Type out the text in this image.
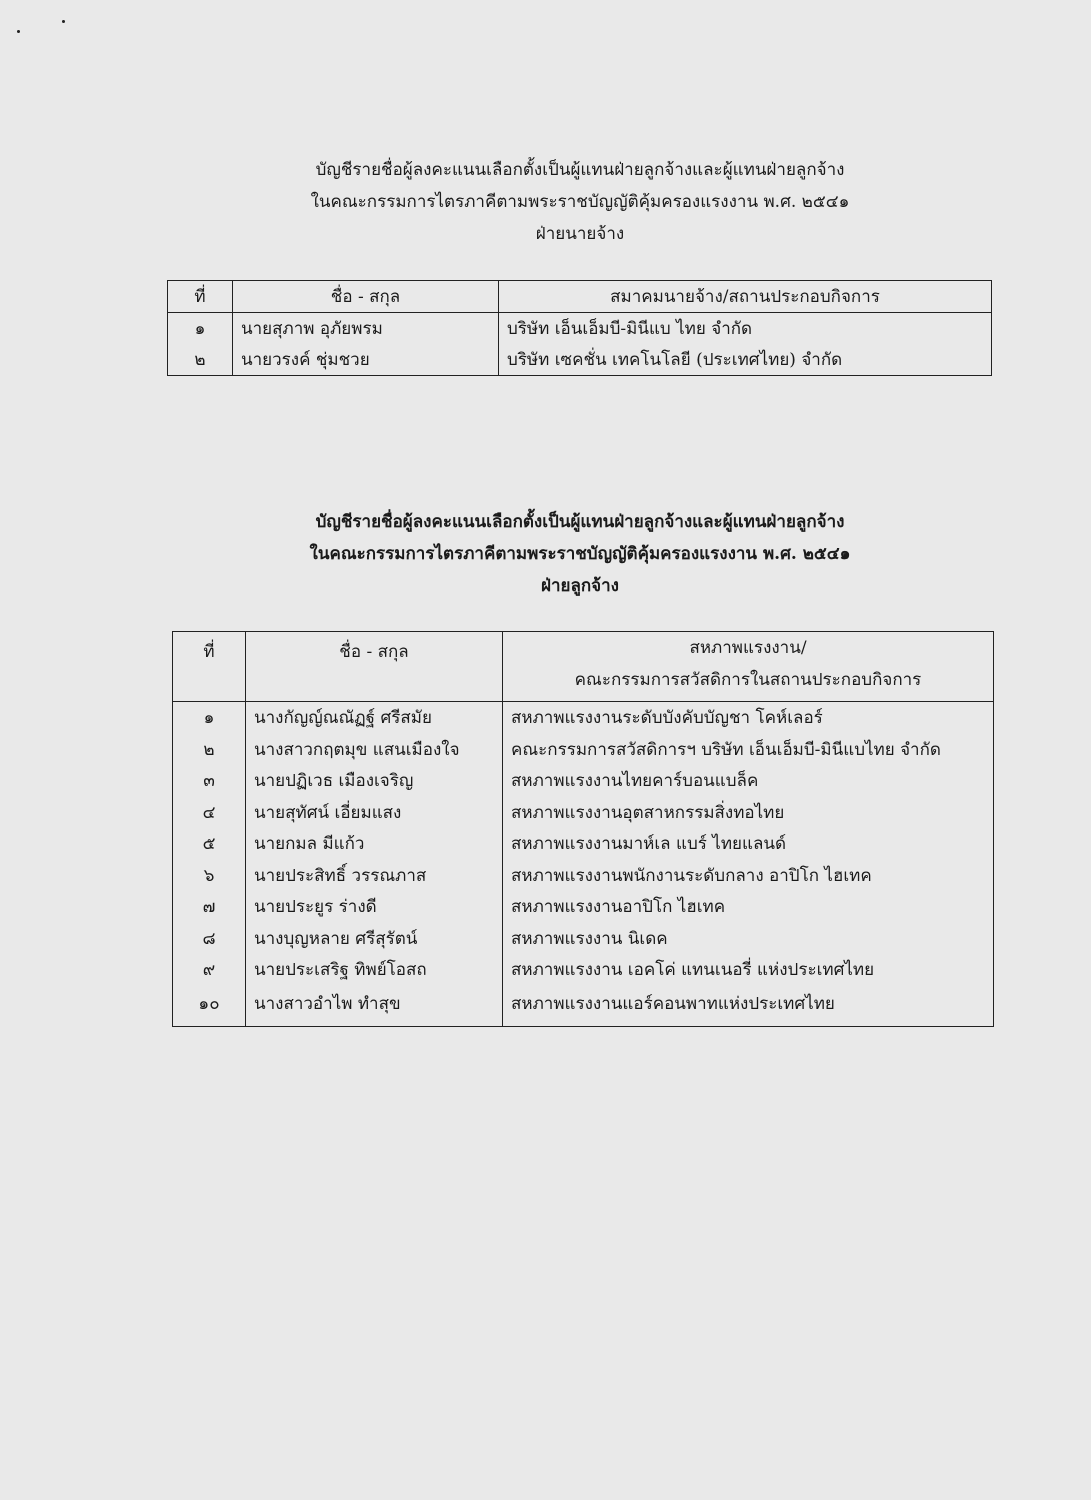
บัญชีรายชื่อผู้ลงคะแนนเลือกตั้งเป็นผู้แทนฝ่ายลูกจ้างและผู้แทนฝ่ายลูกจ้าง
ในคณะกรรมการไตรภาคีตามพระราชบัญญัติคุ้มครองแรงงาน พ.ศ. ๒๕๔๑
ฝ่ายนายจ้าง
ที่	ชื่อ - สกุล	สมาคมนายจ้าง/สถานประกอบกิจการ
๑	นายสุภาพ อุภัยพรม	บริษัท เอ็นเอ็มบี-มินีแบ ไทย จำกัด
๒	นายวรงค์ ชุ่มชวย	บริษัท เซคชั่น เทคโนโลยี (ประเทศไทย) จำกัด
บัญชีรายชื่อผู้ลงคะแนนเลือกตั้งเป็นผู้แทนฝ่ายลูกจ้างและผู้แทนฝ่ายลูกจ้าง
ในคณะกรรมการไตรภาคีตามพระราชบัญญัติคุ้มครองแรงงาน พ.ศ. ๒๕๔๑
ฝ่ายลูกจ้าง
ที่	ชื่อ - สกุล	สหภาพแรงงาน/
คณะกรรมการสวัสดิการในสถานประกอบกิจการ

๑	นางกัญญ์ณณัฏฐ์ ศรีสมัย	สหภาพแรงงานระดับบังคับบัญชา โคห์เลอร์
๒	นางสาวกฤตมุข แสนเมืองใจ	คณะกรรมการสวัสดิการฯ บริษัท เอ็นเอ็มบี-มินีแบไทย จำกัด
๓	นายปฏิเวธ เมืองเจริญ	สหภาพแรงงานไทยคาร์บอนแบล็ค
๔	นายสุทัศน์ เอี่ยมแสง	สหภาพแรงงานอุตสาหกรรมสิ่งทอไทย
๕	นายกมล มีแก้ว	สหภาพแรงงานมาห์เล แบร์ ไทยแลนด์
๖	นายประสิทธิ์ วรรณภาส	สหภาพแรงงานพนักงานระดับกลาง อาปิโก ไฮเทค
๗	นายประยูร ร่างดี	สหภาพแรงงานอาปิโก ไฮเทค
๘	นางบุญหลาย ศรีสุรัตน์	สหภาพแรงงาน นิเดค
๙	นายประเสริฐ ทิพย์โอสถ	สหภาพแรงงาน เอคโค่ แทนเนอรี่ แห่งประเทศไทย
๑๐	นางสาวอำไพ ทำสุข	สหภาพแรงงานแอร์คอนพาทแห่งประเทศไทย
